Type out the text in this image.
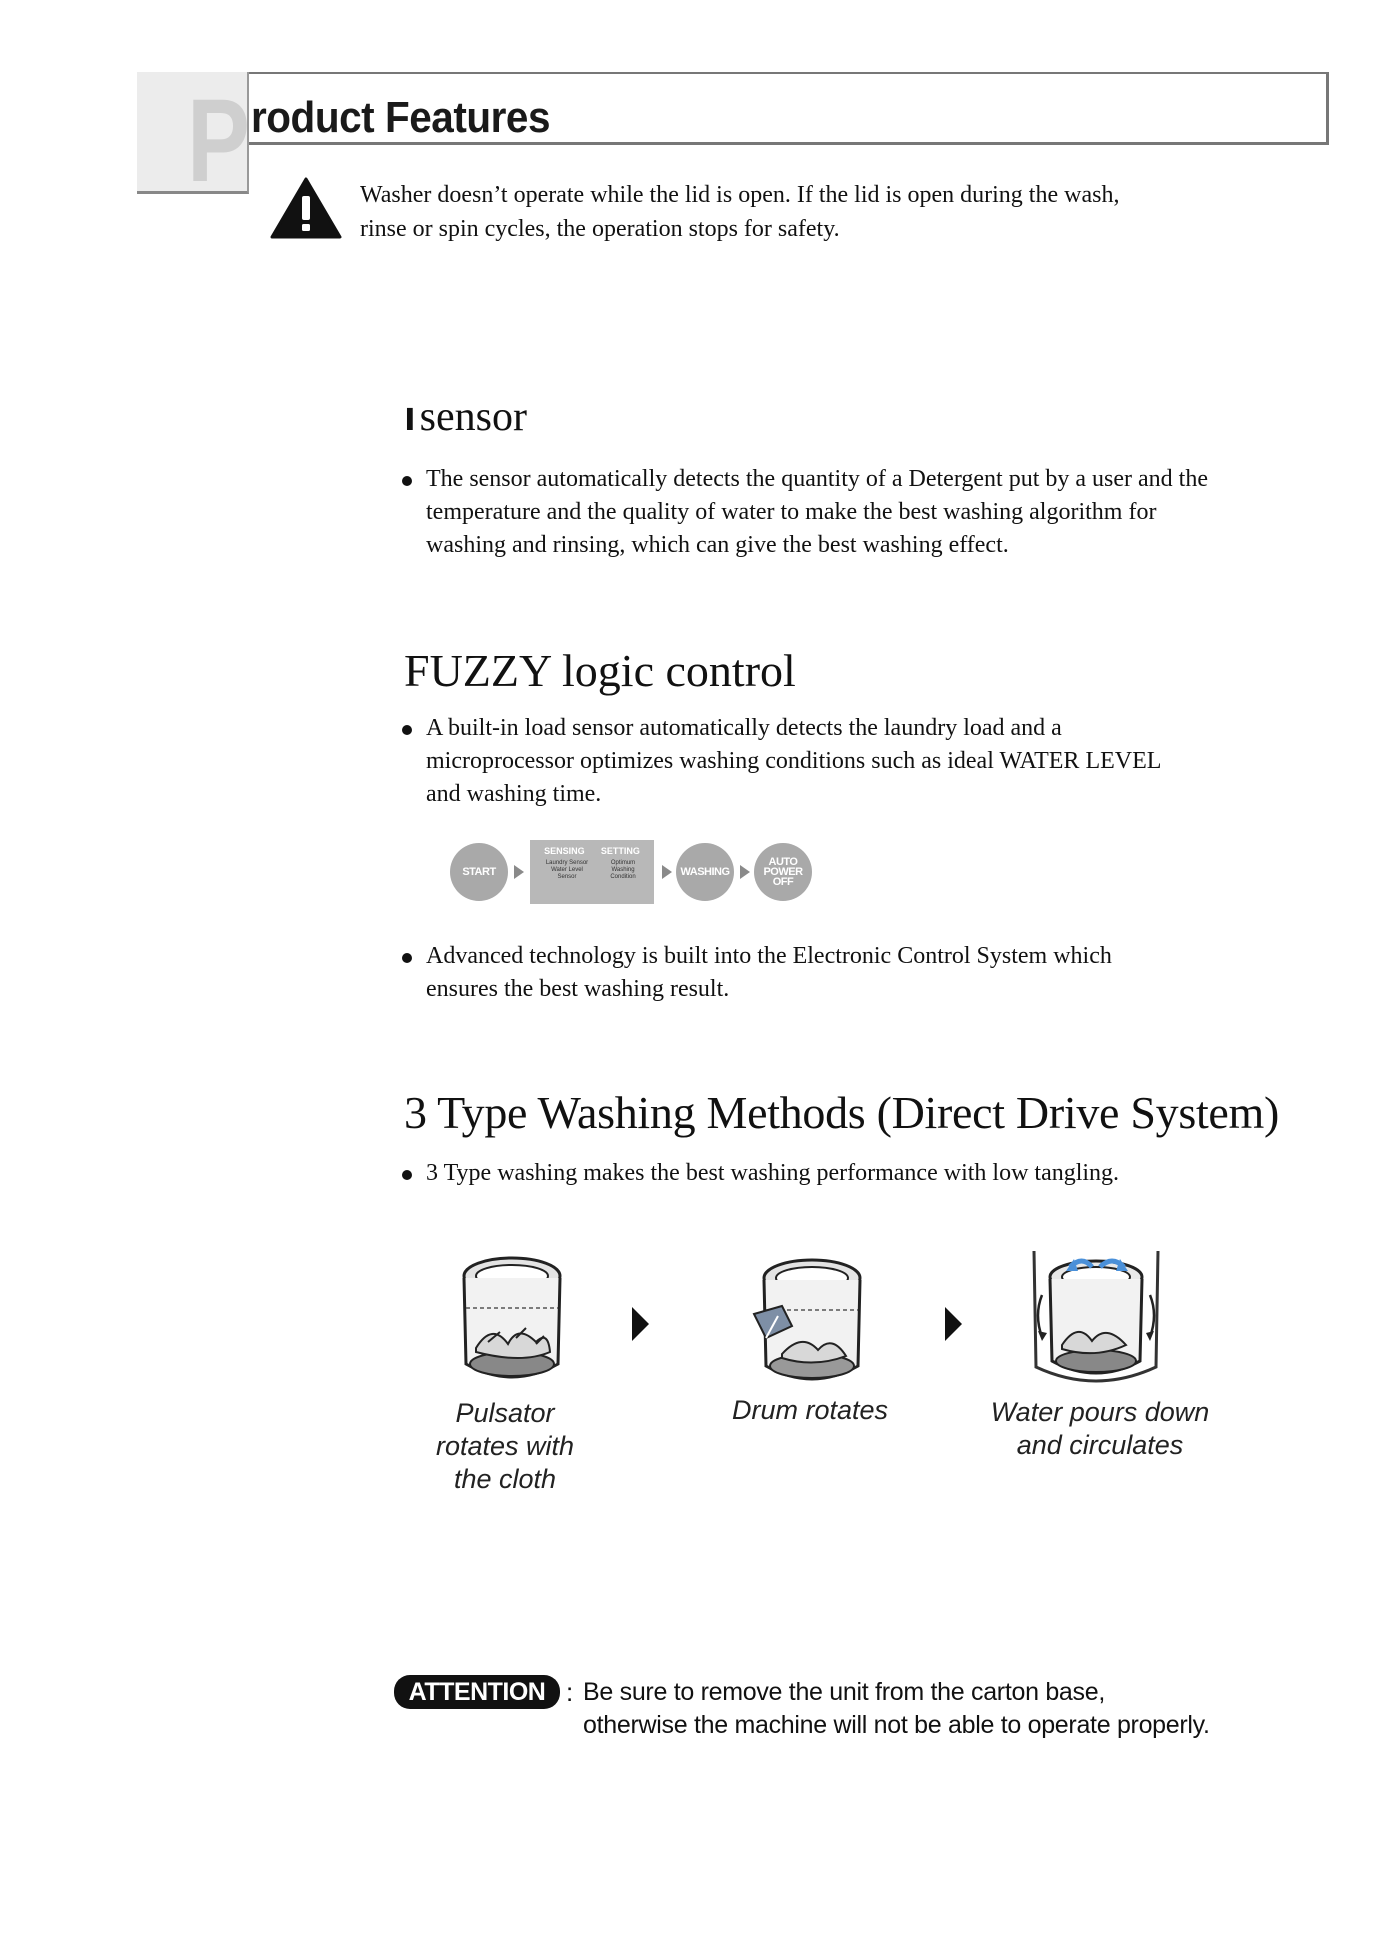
P roduct Features
Washer doesn’t operate while the lid is open. If the lid is open during the wash,
rinse or spin cycles, the operation stops for safety.
ısensor
The sensor automatically detects the quantity of a Detergent put by a user and the
temperature and the quality of water to make the best washing algorithm for
washing and rinsing, which can give the best washing effect.
FUZZY logic control
A built-in load sensor automatically detects the laundry load and a
microprocessor optimizes washing conditions such as ideal WATER LEVEL
and washing time.
START
SENSING SETTING
Laundry Sensor Water Level Sensor
Optimum Washing Condition	WASHING
AUTO
POWER
OFF
Advanced technology is built into the Electronic Control System which
ensures the best washing result.
3 Type Washing Methods (Direct Drive System)
3 Type washing makes the best washing performance with low tangling.
Pulsator
rotates with
the cloth
Drum rotates	Water pours down
and circulates
ATTENTION : Be sure to remove the unit from the carton base,
otherwise the machine will not be able to operate properly.
